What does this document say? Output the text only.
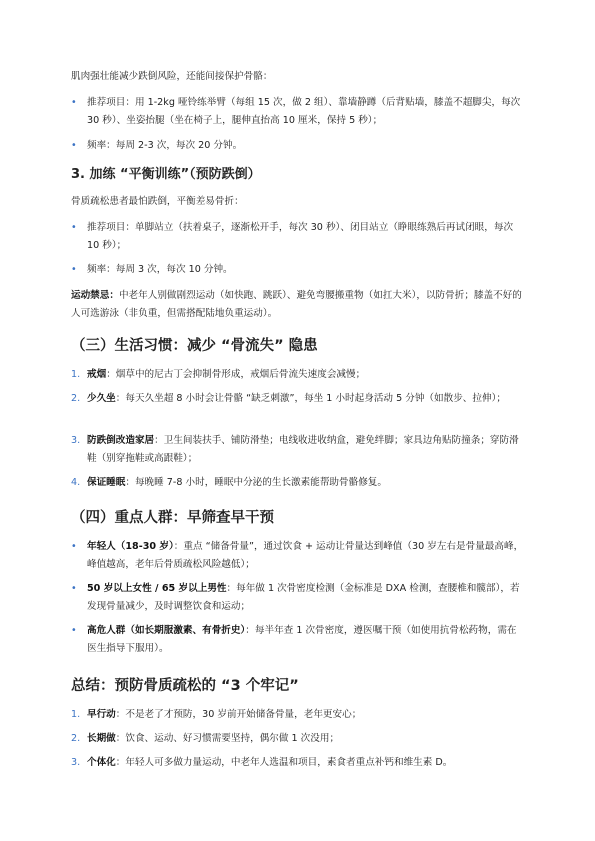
肌肉强壮能减少跌倒风险，还能间接保护骨骼：

• 推荐项目：用 1-2kg 哑铃练举臂（每组 15 次，做 2 组）、靠墙静蹲（后背贴墙，膝盖不超脚尖，每次 30 秒）、坐姿抬腿（坐在椅子上，腿伸直抬高 10 厘米，保持 5 秒）；
• 频率：每周 2-3 次，每次 20 分钟。
3. 加练 “平衡训练”（预防跌倒）

骨质疏松患者最怕跌倒，平衡差易骨折：

• 推荐项目：单脚站立（扶着桌子，逐渐松开手，每次 30 秒）、闭目站立（睁眼练熟后再试闭眼，每次 10 秒）；
• 频率：每周 3 次，每次 10 分钟。

运动禁忌：中老年人别做剧烈运动（如快跑、跳跃）、避免弯腰搬重物（如扛大米），以防骨折；膝盖不好的人可选游泳（非负重，但需搭配陆地负重运动）。

（三）生活习惯：减少 “骨流失” 隐患
1. 戒烟：烟草中的尼古丁会抑制骨形成，戒烟后骨流失速度会减慢；
2. 少久坐：每天久坐超 8 小时会让骨骼 “缺乏刺激”，每坐 1 小时起身活动 5 分钟（如散步、拉伸）；
3. 防跌倒改造家居：卫生间装扶手、铺防滑垫；电线收进收纳盒，避免绊脚；家具边角贴防撞条；穿防滑鞋（别穿拖鞋或高跟鞋）；
4. 保证睡眠：每晚睡 7-8 小时，睡眠中分泌的生长激素能帮助骨骼修复。
（四）重点人群：早筛查早干预
• 年轻人（18-30 岁）：重点 “储备骨量”，通过饮食 + 运动让骨量达到峰值（30 岁左右是骨量最高峰，峰值越高，老年后骨质疏松风险越低）；
• 50 岁以上女性 / 65 岁以上男性：每年做 1 次骨密度检测（金标准是 DXA 检测，查腰椎和髋部），若发现骨量减少，及时调整饮食和运动；
• 高危人群（如长期服激素、有骨折史）：每半年查 1 次骨密度，遵医嘱干预（如使用抗骨松药物，需在医生指导下服用）。
总结：预防骨质疏松的 “3 个牢记”
1. 早行动：不是老了才预防，30 岁前开始储备骨量，老年更安心；
2. 长期做：饮食、运动、好习惯需要坚持，偶尔做 1 次没用；
3. 个体化：年轻人可多做力量运动，中老年人选温和项目，素食者重点补钙和维生素 D。
